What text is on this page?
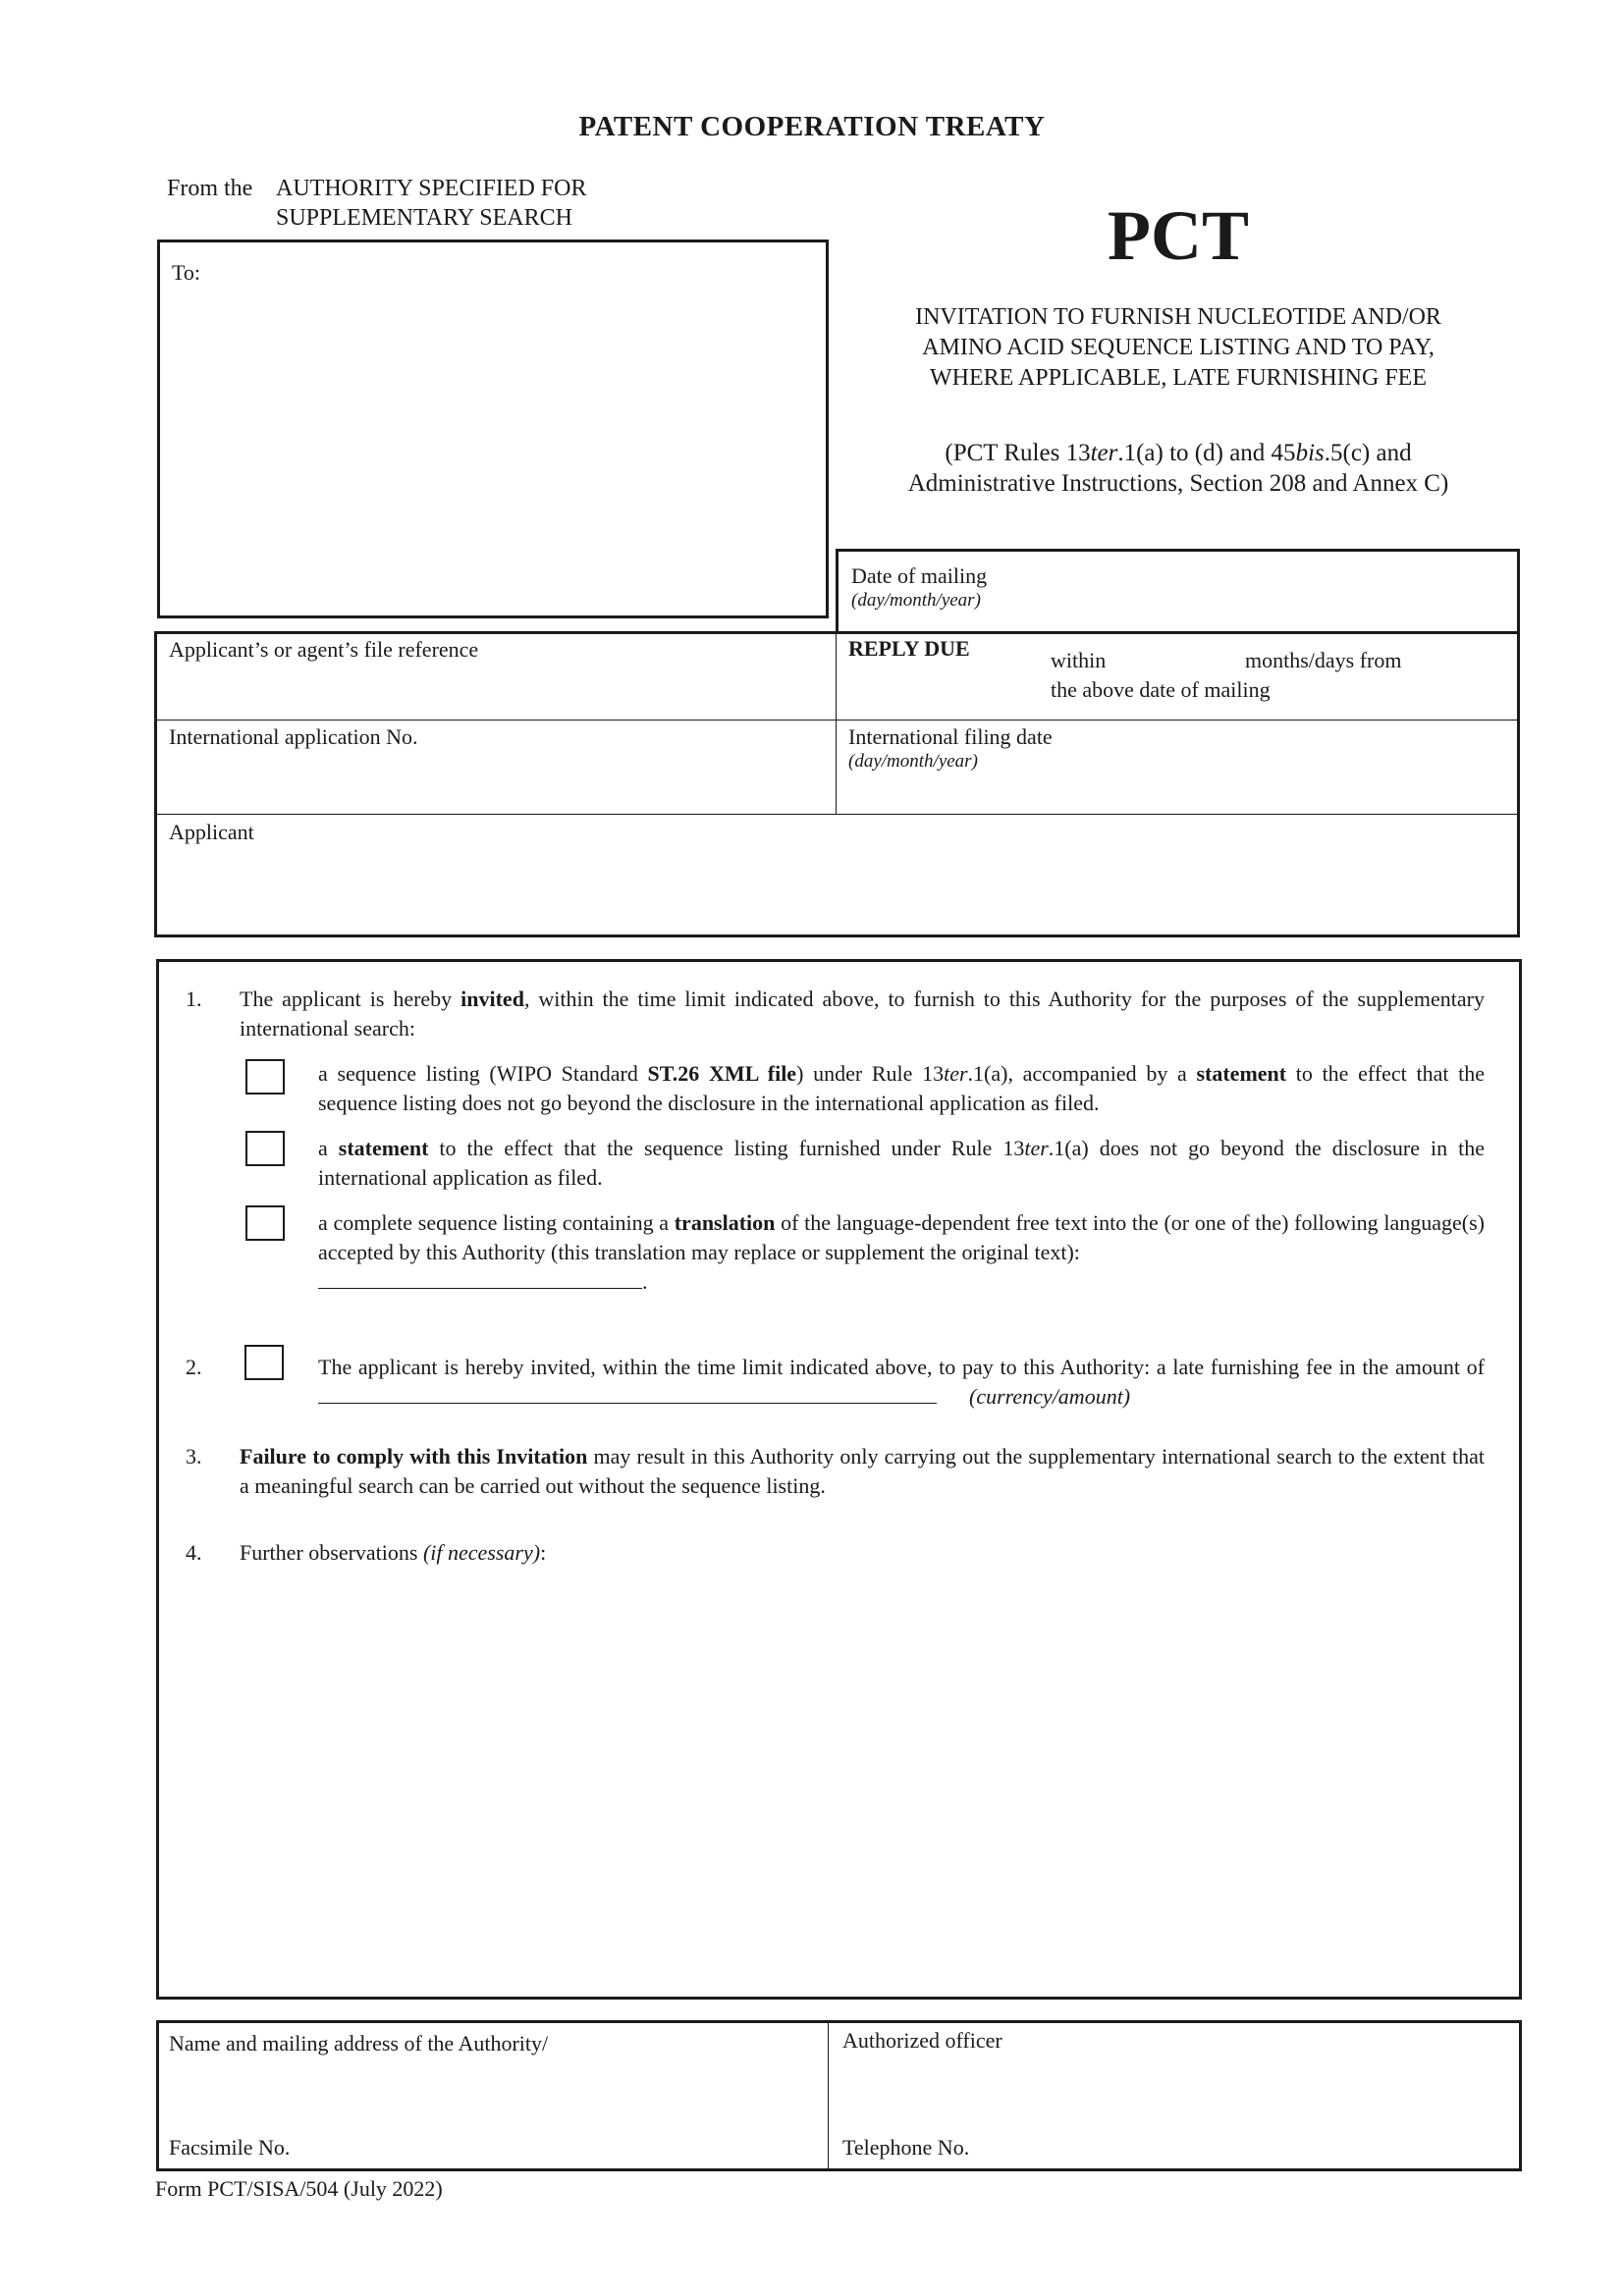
PATENT COOPERATION TREATY
From the AUTHORITY SPECIFIED FOR
SUPPLEMENTARY SEARCH
To:	PCT
INVITATION TO FURNISH NUCLEOTIDE AND/OR
AMINO ACID SEQUENCE LISTING AND TO PAY,
WHERE APPLICABLE, LATE FURNISHING FEE
(PCT Rules 13ter.1(a) to (d) and 45bis.5(c) and
Administrative Instructions, Section 208 and Annex C)
Date of mailing
(day/month/year)
Applicant’s or agent’s file reference	REPLY DUE	within	months/days from
the above date of mailing
International application No.	International filing date
(day/month/year)
Applicant
1. The applicant is hereby invited, within the time limit indicated above, to furnish to this Authority for the purposes of the supplementary international search:
a sequence listing (WIPO Standard ST.26 XML file) under Rule 13ter.1(a), accompanied by a statement to the effect that the sequence listing does not go beyond the disclosure in the international application as filed.
a statement to the effect that the sequence listing furnished under Rule 13ter.1(a) does not go beyond the disclosure in the international application as filed.
a complete sequence listing containing a translation of the language-dependent free text into the (or one of the) following language(s) accepted by this Authority (this translation may replace or supplement the original text):
.
2.	The applicant is hereby invited, within the time limit indicated above, to pay to this Authority: a late furnishing fee in the amount of      (currency/amount)
3. Failure to comply with this Invitation may result in this Authority only carrying out the supplementary international search to the extent that a meaningful search can be carried out without the sequence listing.
4. Further observations (if necessary):
Name and mailing address of the Authority/
Facsimile No.
Authorized officer
Telephone No.
Form PCT/SISA/504 (July 2022)
